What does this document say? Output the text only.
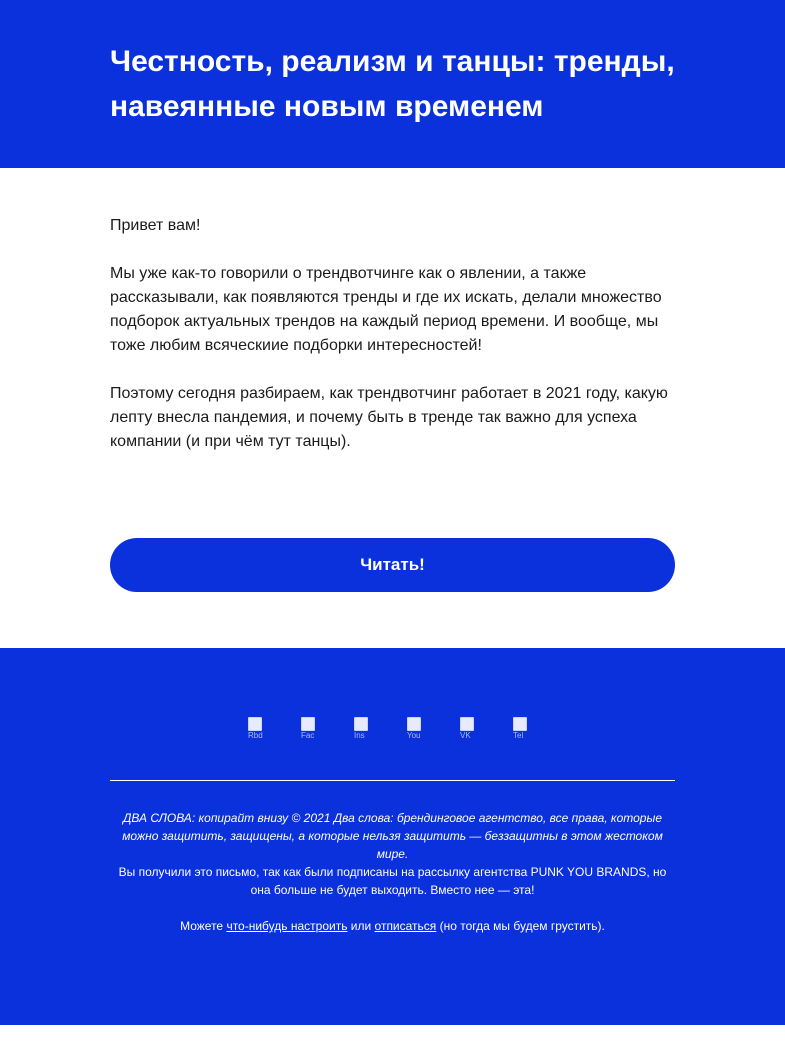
Честность, реализм и танцы: тренды, навеянные новым временем

Привет вам!

Мы уже как-то говорили о трендвотчинге как о явлении, а также рассказывали, как появляются тренды и где их искать, делали множество подборок актуальных трендов на каждый период времени. И вообще, мы тоже любим всяческиие подборки интересностей!

Поэтому сегодня разбираем, как трендвотчинг работает в 2021 году, какую лепту внесла пандемия, и почему быть в тренде так важно для успеха компании (и при чём тут танцы).

Читать!
Rbd	Fac	Ins	You	VK	Tel

ДВА СЛОВА: копирайт внизу © 2021 Два слова: брендинговое агентство, все права, которые можно защитить, защищены, а которые нельзя защитить — беззащитны в этом жестоком мире.

Вы получили это письмо, так как были подписаны на рассылку агентства PUNK YOU BRANDS, но она больше не будет выходить. Вместо нее — эта!

Можете что-нибудь настроить или отписаться (но тогда мы будем грустить).
